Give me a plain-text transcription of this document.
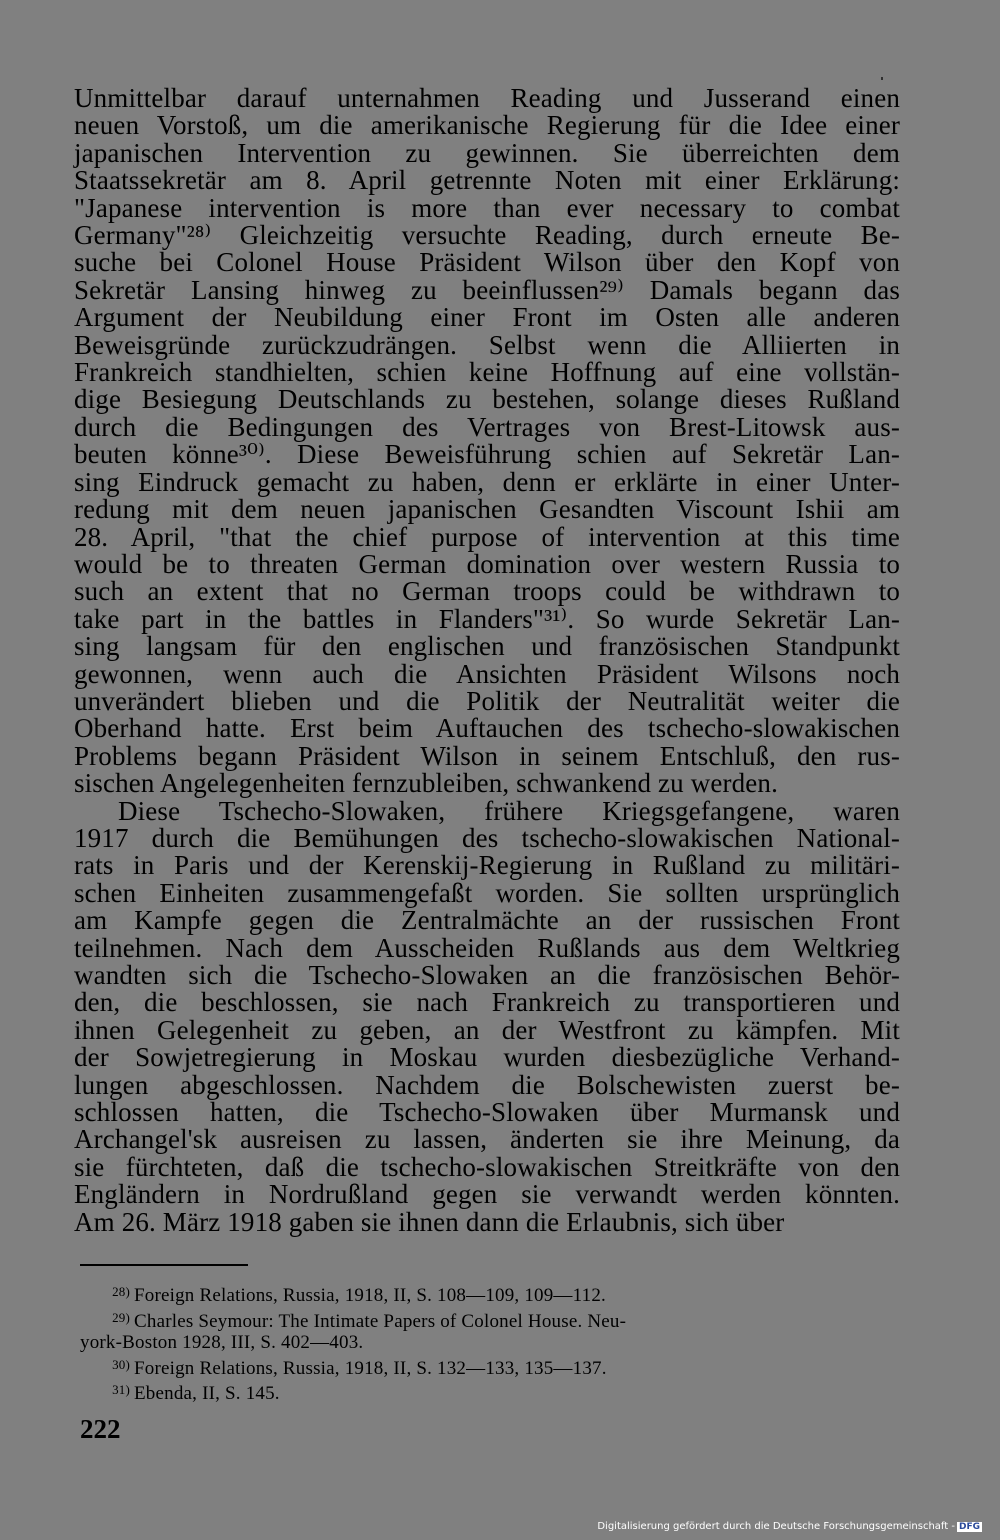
Unmittelbar darauf unternahmen Reading und Jusserand einen
neuen Vorstoß, um die amerikanische Regierung für die Idee einer
japanischen Intervention zu gewinnen. Sie überreichten dem
Staatssekretär am 8. April getrennte Noten mit einer Erklärung:
"Japanese intervention is more than ever necessary to combat
Germany"²⁸⁾ Gleichzeitig versuchte Reading, durch erneute Be-
suche bei Colonel House Präsident Wilson über den Kopf von
Sekretär Lansing hinweg zu beeinflussen²⁹⁾ Damals begann das
Argument der Neubildung einer Front im Osten alle anderen
Beweisgründe zurückzudrängen. Selbst wenn die Alliierten in
Frankreich standhielten, schien keine Hoffnung auf eine vollstän-
dige Besiegung Deutschlands zu bestehen, solange dieses Rußland
durch die Bedingungen des Vertrages von Brest-Litowsk aus-
beuten könne³⁰⁾. Diese Beweisführung schien auf Sekretär Lan-
sing Eindruck gemacht zu haben, denn er erklärte in einer Unter-
redung mit dem neuen japanischen Gesandten Viscount Ishii am
28. April, "that the chief purpose of intervention at this time
would be to threaten German domination over western Russia to
such an extent that no German troops could be withdrawn to
take part in the battles in Flanders"³¹⁾. So wurde Sekretär Lan-
sing langsam für den englischen und französischen Standpunkt
gewonnen, wenn auch die Ansichten Präsident Wilsons noch
unverändert blieben und die Politik der Neutralität weiter die
Oberhand hatte. Erst beim Auftauchen des tschecho-slowakischen
Problems begann Präsident Wilson in seinem Entschluß, den rus-
sischen Angelegenheiten fernzubleiben, schwankend zu werden.

Diese Tschecho-Slowaken, frühere Kriegsgefangene, waren
1917 durch die Bemühungen des tschecho-slowakischen National-
rats in Paris und der Kerenskij-Regierung in Rußland zu militäri-
schen Einheiten zusammengefaßt worden. Sie sollten ursprünglich
am Kampfe gegen die Zentralmächte an der russischen Front
teilnehmen. Nach dem Ausscheiden Rußlands aus dem Weltkrieg
wandten sich die Tschecho-Slowaken an die französischen Behör-
den, die beschlossen, sie nach Frankreich zu transportieren und
ihnen Gelegenheit zu geben, an der Westfront zu kämpfen. Mit
der Sowjetregierung in Moskau wurden diesbezügliche Verhand-
lungen abgeschlossen. Nachdem die Bolschewisten zuerst be-
schlossen hatten, die Tschecho-Slowaken über Murmansk und
Archangel'sk ausreisen zu lassen, änderten sie ihre Meinung, da
sie fürchteten, daß die tschecho-slowakischen Streitkräfte von den
Engländern in Nordrußland gegen sie verwandt werden könnten.
Am 26. März 1918 gaben sie ihnen dann die Erlaubnis, sich über

28) Foreign Relations, Russia, 1918, II, S. 108—109, 109—112.
29) Charles Seymour: The Intimate Papers of Colonel House. Neu-
york-Boston 1928, III, S. 402—403.
30) Foreign Relations, Russia, 1918, II, S. 132—133, 135—137.
31) Ebenda, II, S. 145.
222
Digitalisierung gefördert durch die Deutsche Forschungsgemeinschaft - DFG
